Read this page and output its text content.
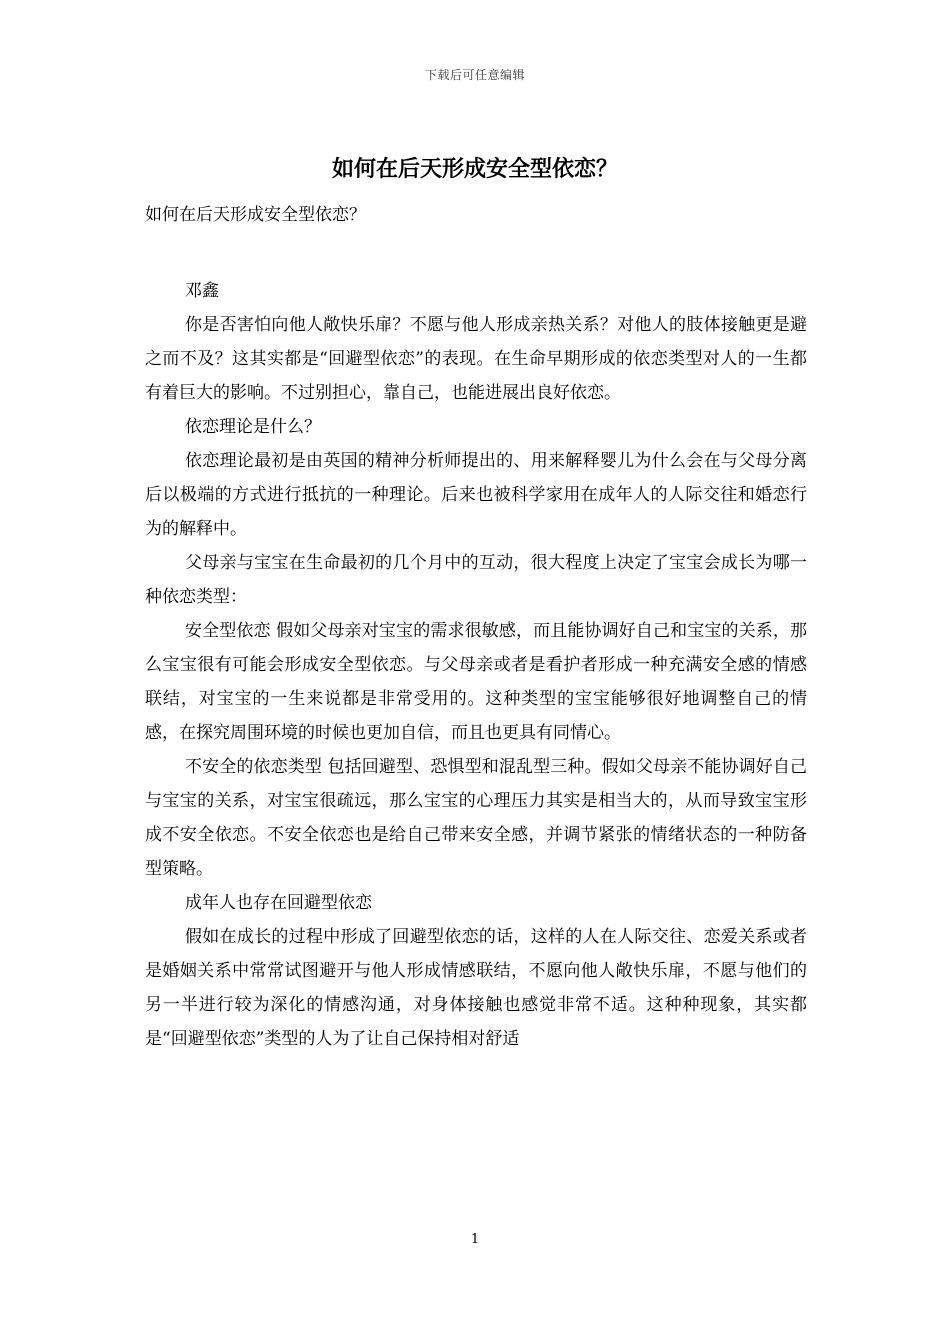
下载后可任意编辑
如何在后天形成安全型依恋？

如何在后天形成安全型依恋？

邓鑫

你是否害怕向他人敞快乐扉？不愿与他人形成亲热关系？对他人的肢体接触更是避之而不及？这其实都是“回避型依恋”的表现。在生命早期形成的依恋类型对人的一生都有着巨大的影响。不过别担心，靠自己，也能进展出良好依恋。

依恋理论是什么？

依恋理论最初是由英国的精神分析师提出的、用来解释婴儿为什么会在与父母分离后以极端的方式进行抵抗的一种理论。后来也被科学家用在成年人的人际交往和婚恋行为的解释中。

父母亲与宝宝在生命最初的几个月中的互动，很大程度上决定了宝宝会成长为哪一种依恋类型：

安全型依恋 假如父母亲对宝宝的需求很敏感，而且能协调好自己和宝宝的关系，那么宝宝很有可能会形成安全型依恋。与父母亲或者是看护者形成一种充满安全感的情感联结，对宝宝的一生来说都是非常受用的。这种类型的宝宝能够很好地调整自己的情感，在探究周围环境的时候也更加自信，而且也更具有同情心。

不安全的依恋类型 包括回避型、恐惧型和混乱型三种。假如父母亲不能协调好自己与宝宝的关系，对宝宝很疏远，那么宝宝的心理压力其实是相当大的，从而导致宝宝形成不安全依恋。不安全依恋也是给自己带来安全感，并调节紧张的情绪状态的一种防备型策略。

成年人也存在回避型依恋

假如在成长的过程中形成了回避型依恋的话，这样的人在人际交往、恋爱关系或者是婚姻关系中常常试图避开与他人形成情感联结，不愿向他人敞快乐扉，不愿与他们的另一半进行较为深化的情感沟通，对身体接触也感觉非常不适。这种种现象，其实都是“回避型依恋”类型的人为了让自己保持相对舒适

1
